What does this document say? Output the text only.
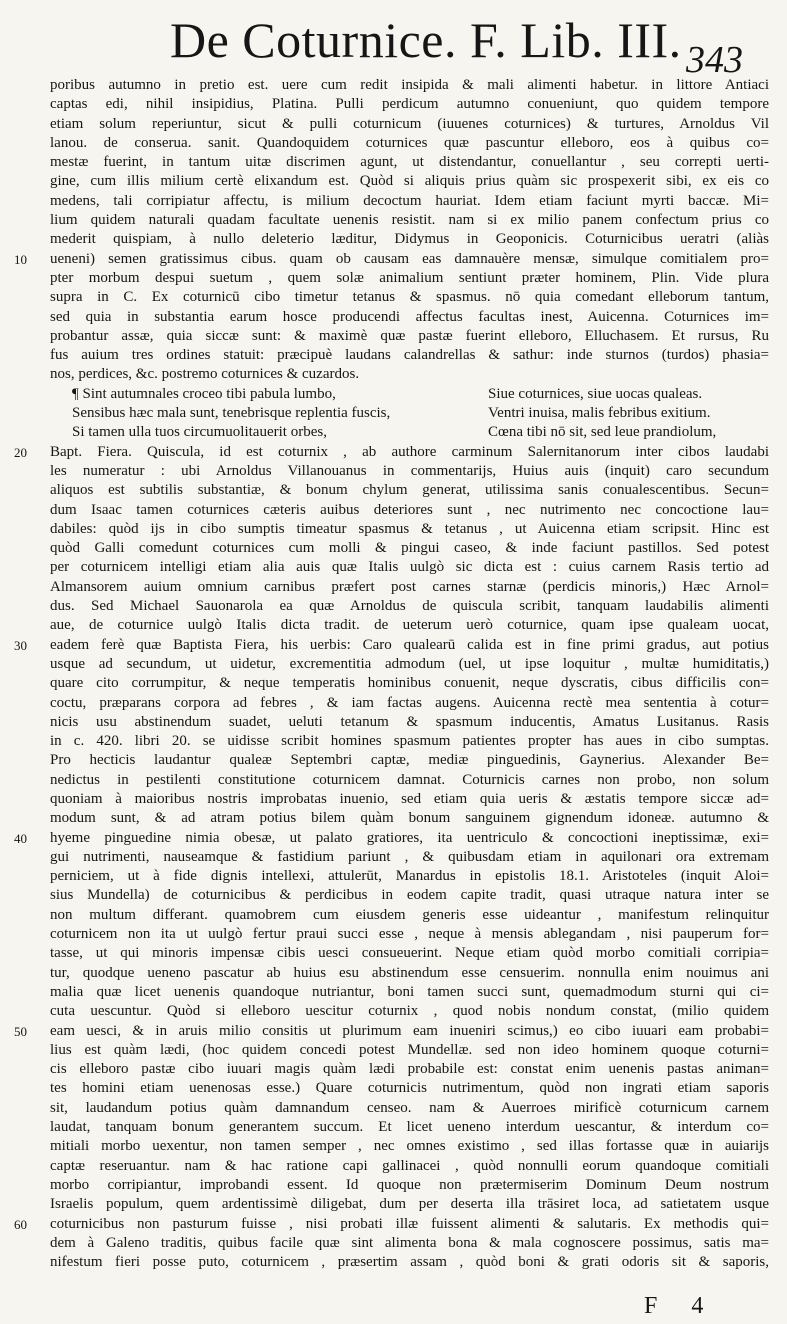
De Coturnice. F. Lib. III. 343
poribus autumno in pretio est. uere cum redit insipida & mali alimenti habetur. in littore Antiaci
captas edi, nihil insipidius, Platina. Pulli perdicum autumno conueniunt, quo quidem tempore
etiam solum reperiuntur, sicut & pulli coturnicum (iuuenes coturnices) & turtures, Arnoldus Vil
lanou. de conserua. sanit. Quandoquidem coturnices quæ pascuntur elleboro, eos à quibus co=
mestæ fuerint, in tantum uitæ discrimen agunt, ut distendantur, conuellantur , seu correpti uerti-
gine, cum illis milium certè elixandum est. Quòd si aliquis prius quàm sic prospexerit sibi, ex eis co
medens, tali corripiatur affectu, is milium decoctum hauriat. Idem etiam faciunt myrti baccæ. Mi=
lium quidem naturali quadam facultate uenenis resistit. nam si ex milio panem confectum prius co
mederit quispiam, à nullo deleterio læditur, Didymus in Geoponicis. Coturnicibus ueratri (aliàs
10	ueneni) semen gratissimus cibus. quam ob causam eas damnauère mensæ, simulque comitialem pro=
pter morbum despui suetum , quem solæ animalium sentiunt præter hominem, Plin. Vide plura
supra in C. Ex coturnicū cibo timetur tetanus & spasmus. nō quia comedant elleborum tantum,
sed quia in substantia earum hosce producendi affectus facultas inest, Auicenna. Coturnices im=
probantur assæ, quia siccæ sunt: & maximè quæ pastæ fuerint elleboro, Elluchasem. Et rursus, Ru
fus auium tres ordines statuit: præcipuè laudans calandrellas & sathur: inde sturnos (turdos) phasia=
nos, perdices, &c. postremo coturnices & cuzardos.
¶ Sint autumnales croceo tibi pabula lumbo,	Siue coturnices, siue uocas qualeas.
Sensibus hæc mala sunt, tenebrisque replentia fuscis,	Ventri inuisa, malis febribus exitium.
Si tamen ulla tuos circumuolitauerit orbes,	Cœna tibi nō sit, sed leue prandiolum,
20	Bapt. Fiera. Quiscula, id est coturnix , ab authore carminum Salernitanorum inter cibos laudabi
les numeratur : ubi Arnoldus Villanouanus in commentarijs, Huius auis (inquit) caro secundum
aliquos est subtilis substantiæ, & bonum chylum generat, utilissima sanis conualescentibus. Secun=
dum Isaac tamen coturnices cæteris auibus deteriores sunt , nec nutrimento nec concoctione lau=
dabiles: quòd ijs in cibo sumptis timeatur spasmus & tetanus , ut Auicenna etiam scripsit. Hinc est
quòd Galli comedunt coturnices cum molli & pingui caseo, & inde faciunt pastillos. Sed potest
per coturnicem intelligi etiam alia auis quæ Italis uulgò sic dicta est : cuius carnem Rasis tertio ad
Almansorem auium omnium carnibus præfert post carnes starnæ (perdicis minoris,) Hæc Arnol=
dus. Sed Michael Sauonarola ea quæ Arnoldus de quiscula scribit, tanquam laudabilis alimenti
aue, de coturnice uulgò Italis dicta tradit. de ueterum uerò coturnice, quam ipse qualeam uocat,
30	eadem ferè quæ Baptista Fiera, his uerbis: Caro qualearū calida est in fine primi gradus, aut potius
usque ad secundum, ut uidetur, excrementitia admodum (uel, ut ipse loquitur , multæ humiditatis,)
quare cito corrumpitur, & neque temperatis hominibus conuenit, neque dyscratis, cibus difficilis con=
coctu, præparans corpora ad febres , & iam factas augens. Auicenna rectè mea sententia à cotur=
nicis usu abstinendum suadet, ueluti tetanum & spasmum inducentis, Amatus Lusitanus. Rasis
in c. 420. libri 20. se uidisse scribit homines spasmum patientes propter has aues in cibo sumptas.
Pro hecticis laudantur qualeæ Septembri captæ, mediæ pinguedinis, Gaynerius. Alexander Be=
nedictus in pestilenti constitutione coturnicem damnat. Coturnicis carnes non probo, non solum
quoniam à maioribus nostris improbatas inuenio, sed etiam quia ueris & æstatis tempore siccæ ad=
modum sunt, & ad atram potius bilem quàm bonum sanguinem gignendum idoneæ. autumno &
40	hyeme pinguedine nimia obesæ, ut palato gratiores, ita uentriculo & concoctioni ineptissimæ, exi=
gui nutrimenti, nauseamque & fastidium pariunt , & quibusdam etiam in aquilonari ora extremam
perniciem, ut à fide dignis intellexi, attulerūt, Manardus in epistolis 18.1. Aristoteles (inquit Aloi=
sius Mundella) de coturnicibus & perdicibus in eodem capite tradit, quasi utraque natura inter se
non multum differant. quamobrem cum eiusdem generis esse uideantur , manifestum relinquitur
coturnicem non ita ut uulgò fertur praui succi esse , neque à mensis ablegandam , nisi pauperum for=
tasse, ut qui minoris impensæ cibis uesci consueuerint. Neque etiam quòd morbo comitiali corripia=
tur, quodque ueneno pascatur ab huius esu abstinendum esse censuerim. nonnulla enim nouimus ani
malia quæ licet uenenis quandoque nutriantur, boni tamen succi sunt, quemadmodum sturni qui ci=
cuta uescuntur. Quòd si elleboro uescitur coturnix , quod nobis nondum constat, (milio quidem
50	eam uesci, & in aruis milio consitis ut plurimum eam inueniri scimus,) eo cibo iuuari eam probabi=
lius est quàm lædi, (hoc quidem concedi potest Mundellæ. sed non ideo hominem quoque coturni=
cis elleboro pastæ cibo iuuari magis quàm lædi probabile est: constat enim uenenis pastas animan=
tes homini etiam uenenosas esse.) Quare coturnicis nutrimentum, quòd non ingrati etiam saporis
sit, laudandum potius quàm damnandum censeo. nam & Auerroes mirificè coturnicum carnem
laudat, tanquam bonum generantem succum. Et licet ueneno interdum uescantur, & interdum co=
mitiali morbo uexentur, non tamen semper , nec omnes existimo , sed illas fortasse quæ in auiarijs
captæ reseruantur. nam & hac ratione capi gallinacei , quòd nonnulli eorum quandoque comitiali
morbo corripiantur, improbandi essent. Id quoque non prætermiserim Dominum Deum nostrum
Israelis populum, quem ardentissimè diligebat, dum per deserta illa trāsiret loca, ad satietatem usque
60	coturnicibus non pasturum fuisse , nisi probati illæ fuissent alimenti & salutaris. Ex methodis qui=
dem à Galeno traditis, quibus facile quæ sint alimenta bona & mala cognoscere possimus, satis ma=
nifestum fieri posse puto, coturnicem , præsertim assam , quòd boni & grati odoris sit & saporis,
F 4
